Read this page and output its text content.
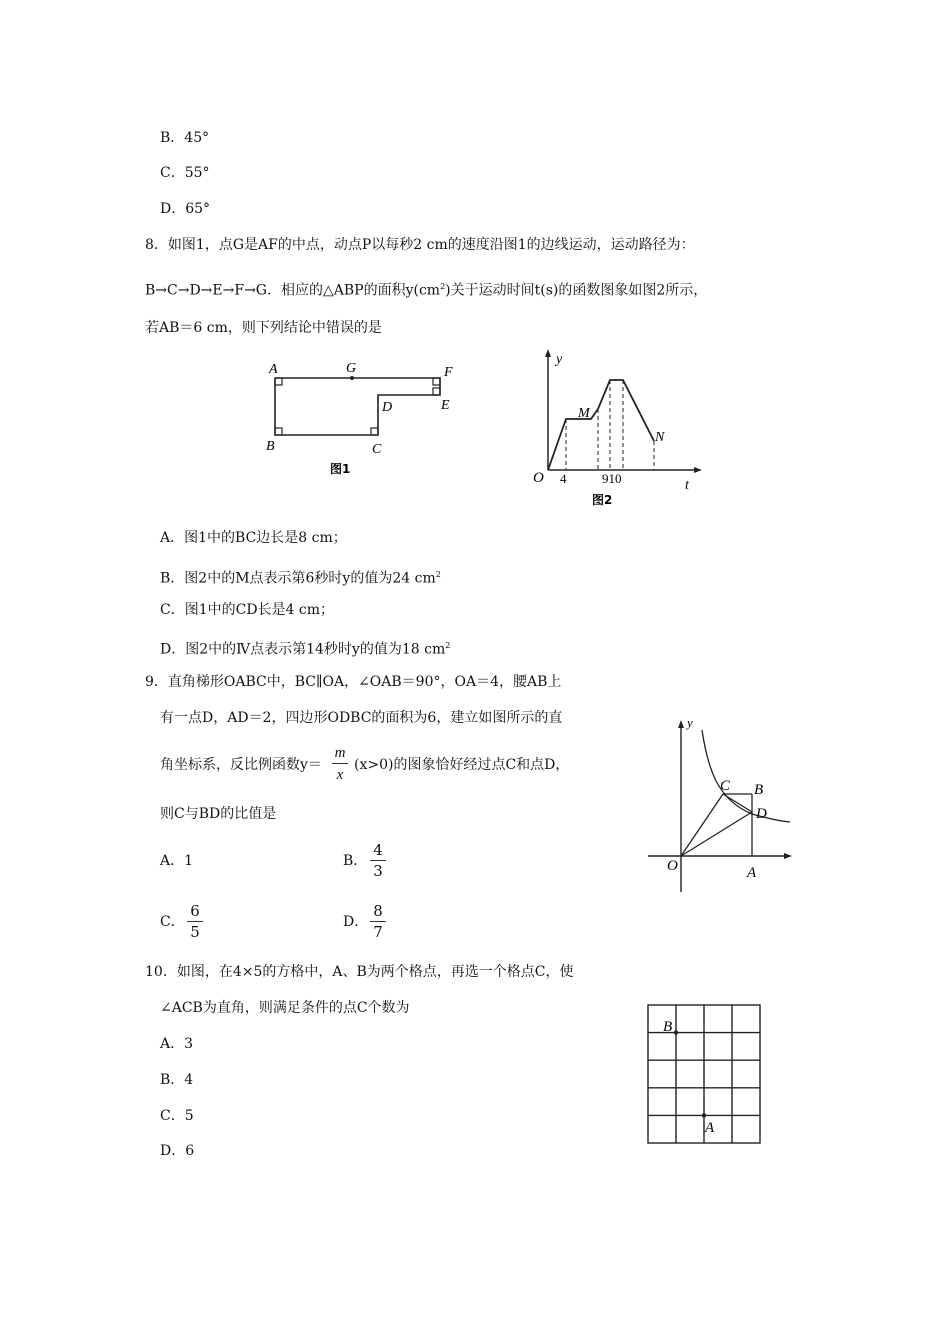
B．45°
C．55°
D．65°
8．如图1，点G是AF的中点，动点P以每秒2 cm的速度沿图1的边线运动，运动路径为：
B→C→D→E→F→G．相应的△ABP的面积$y(cm^2)$关于运动时间t(s)的函数图象如图2所示，
若AB＝6 cm，则下列结论中错误的是
A	G	F
D	E
B	C
图1
y
M
N
O 4	910	t
图2
A．图1中的BC边长是8 cm；
B．图2中的M点表示第6秒时y的值为24 $cm^2$
C．图1中的CD长是4 cm；
D．图2中的Ⅳ点表示第14秒时y的值为18 $cm^2$
9．直角梯形OABC中，BC∥OA，∠OAB＝90°，OA＝4，腰AB上
有一点D，AD＝2，四边形ODBC的面积为6，建立如图所示的直
角坐标系，反比例函数y＝
m
x
(x>0)的图象恰好经过点C和点D，
则C与BD的比值是
A．1	B．
4
3
C．
6
5
D．
8
7
y
C B
D
O	A
10．如图，在4×5的方格中，A、B为两个格点，再选一个格点C，使
∠ACB为直角，则满足条件的点C个数为
A．3
B．4
C．5
D．6
B
A
